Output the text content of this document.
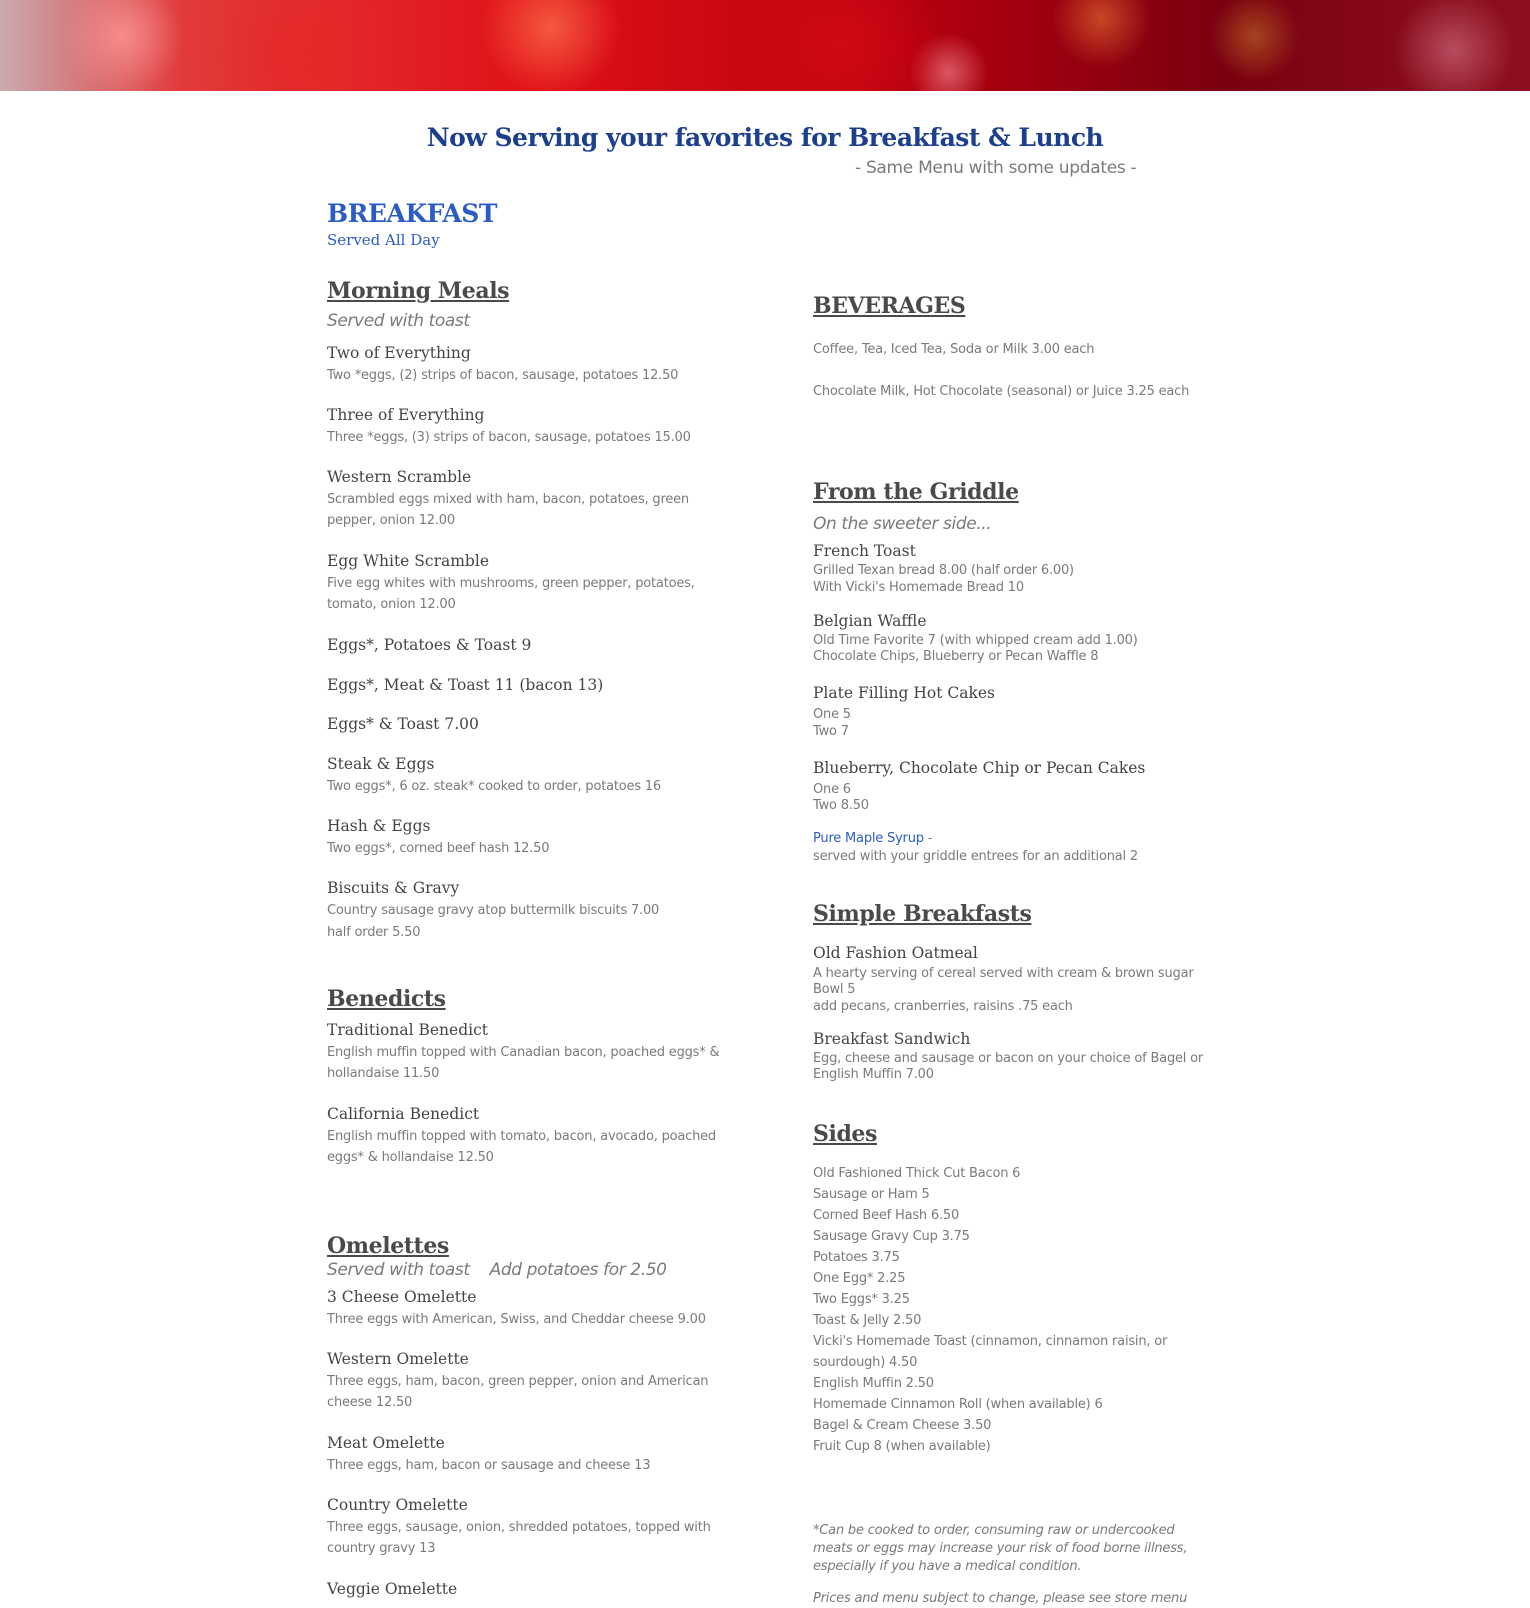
Now Serving your favorites for Breakfast & Lunch
- Same Menu with some updates -
BREAKFAST
Served All Day
Morning Meals
Served with toast
Two of Everything
Two *eggs, (2) strips of bacon, sausage, potatoes 12.50
Three of Everything
Three *eggs, (3) strips of bacon, sausage, potatoes 15.00
Western Scramble
Scrambled eggs mixed with ham, bacon, potatoes, green pepper, onion 12.00
Egg White Scramble
Five egg whites with mushrooms, green pepper, potatoes, tomato, onion 12.00
Eggs*, Potatoes & Toast 9
Eggs*, Meat & Toast 11 (bacon 13)
Eggs* & Toast 7.00
Steak & Eggs
Two eggs*, 6 oz. steak* cooked to order, potatoes 16
Hash & Eggs
Two eggs*, corned beef hash 12.50
Biscuits & Gravy
Country sausage gravy atop buttermilk biscuits 7.00
half order 5.50
Benedicts
Traditional Benedict
English muffin topped with Canadian bacon, poached eggs* & hollandaise 11.50
California Benedict
English muffin topped with tomato, bacon, avocado, poached eggs* & hollandaise 12.50
Omelettes
Served with toast    Add potatoes for 2.50
3 Cheese Omelette
Three eggs with American, Swiss, and Cheddar cheese 9.00
Western Omelette
Three eggs, ham, bacon, green pepper, onion and American cheese 12.50
Meat Omelette
Three eggs, ham, bacon or sausage and cheese 13
Country Omelette
Three eggs, sausage, onion, shredded potatoes, topped with country gravy 13
Veggie Omelette
BEVERAGES
Coffee, Tea, Iced Tea, Soda or Milk 3.00 each
Chocolate Milk, Hot Chocolate (seasonal) or Juice 3.25 each
From the Griddle
On the sweeter side...
French Toast
Grilled Texan bread 8.00 (half order 6.00)
With Vicki's Homemade Bread 10
Belgian Waffle
Old Time Favorite 7 (with whipped cream add 1.00)
Chocolate Chips, Blueberry or Pecan Waffle 8
Plate Filling Hot Cakes
One 5
Two 7
Blueberry, Chocolate Chip or Pecan Cakes
One 6
Two 8.50
Pure Maple Syrup -
served with your griddle entrees for an additional 2
Simple Breakfasts
Old Fashion Oatmeal
A hearty serving of cereal served with cream & brown sugar
Bowl 5
add pecans, cranberries, raisins .75 each
Breakfast Sandwich
Egg, cheese and sausage or bacon on your choice of Bagel or
English Muffin 7.00
Sides
Old Fashioned Thick Cut Bacon 6
Sausage or Ham 5
Corned Beef Hash 6.50
Sausage Gravy Cup 3.75
Potatoes 3.75
One Egg* 2.25
Two Eggs* 3.25
Toast & Jelly 2.50
Vicki's Homemade Toast (cinnamon, cinnamon raisin, or
sourdough) 4.50
English Muffin 2.50
Homemade Cinnamon Roll (when available) 6
Bagel & Cream Cheese 3.50
Fruit Cup 8 (when available)
*Can be cooked to order, consuming raw or undercooked meats or eggs may increase your risk of food borne illness, especially if you have a medical condition.
Prices and menu subject to change, please see store menu
